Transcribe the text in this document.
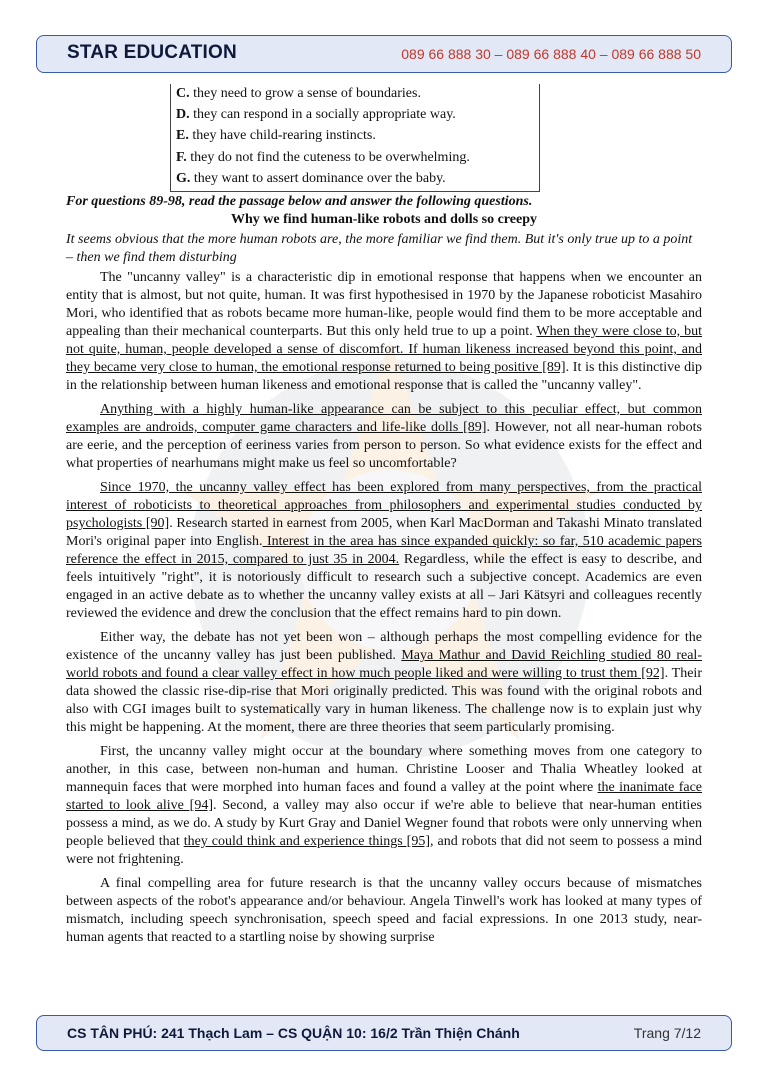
STAR EDUCATION	089 66 888 30 – 089 66 888 40 – 089 66 888 50
C. they need to grow a sense of boundaries.
D. they can respond in a socially appropriate way.
E. they have child-rearing instincts.
F. they do not find the cuteness to be overwhelming.
G. they want to assert dominance over the baby.

For questions 89-98, read the passage below and answer the following questions.

Why we find human-like robots and dolls so creepy

It seems obvious that the more human robots are, the more familiar we find them. But it's only true up to a point – then we find them disturbing

The "uncanny valley" is a characteristic dip in emotional response that happens when we encounter an entity that is almost, but not quite, human. It was first hypothesised in 1970 by the Japanese roboticist Masahiro Mori, who identified that as robots became more human-like, people would find them to be more acceptable and appealing than their mechanical counterparts. But this only held true to up a point. When they were close to, but not quite, human, people developed a sense of discomfort. If human likeness increased beyond this point, and they became very close to human, the emotional response returned to being positive [89]. It is this distinctive dip in the relationship between human likeness and emotional response that is called the "uncanny valley".

Anything with a highly human-like appearance can be subject to this peculiar effect, but common examples are androids, computer game characters and life-like dolls [89]. However, not all near-human robots are eerie, and the perception of eeriness varies from person to person. So what evidence exists for the effect and what properties of nearhumans might make us feel so uncomfortable?

Since 1970, the uncanny valley effect has been explored from many perspectives, from the practical interest of roboticists to theoretical approaches from philosophers and experimental studies conducted by psychologists [90]. Research started in earnest from 2005, when Karl MacDorman and Takashi Minato translated Mori's original paper into English. Interest in the area has since expanded quickly: so far, 510 academic papers reference the effect in 2015, compared to just 35 in 2004. Regardless, while the effect is easy to describe, and feels intuitively "right", it is notoriously difficult to research such a subjective concept. Academics are even engaged in an active debate as to whether the uncanny valley exists at all – Jari Kätsyri and colleagues recently reviewed the evidence and drew the conclusion that the effect remains hard to pin down.

Either way, the debate has not yet been won – although perhaps the most compelling evidence for the existence of the uncanny valley has just been published. Maya Mathur and David Reichling studied 80 real-world robots and found a clear valley effect in how much people liked and were willing to trust them [92]. Their data showed the classic rise-dip-rise that Mori originally predicted. This was found with the original robots and also with CGI images built to systematically vary in human likeness. The challenge now is to explain just why this might be happening. At the moment, there are three theories that seem particularly promising.

First, the uncanny valley might occur at the boundary where something moves from one category to another, in this case, between non-human and human. Christine Looser and Thalia Wheatley looked at mannequin faces that were morphed into human faces and found a valley at the point where the inanimate face started to look alive [94]. Second, a valley may also occur if we're able to believe that near-human entities possess a mind, as we do. A study by Kurt Gray and Daniel Wegner found that robots were only unnerving when people believed that they could think and experience things [95], and robots that did not seem to possess a mind were not frightening.

A final compelling area for future research is that the uncanny valley occurs because of mismatches between aspects of the robot's appearance and/or behaviour. Angela Tinwell's work has looked at many types of mismatch, including speech synchronisation, speech speed and facial expressions. In one 2013 study, near-human agents that reacted to a startling noise by showing surprise

CS TÂN PHÚ: 241 Thạch Lam – CS QUẬN 10: 16/2 Trần Thiện Chánh	Trang 7/12
